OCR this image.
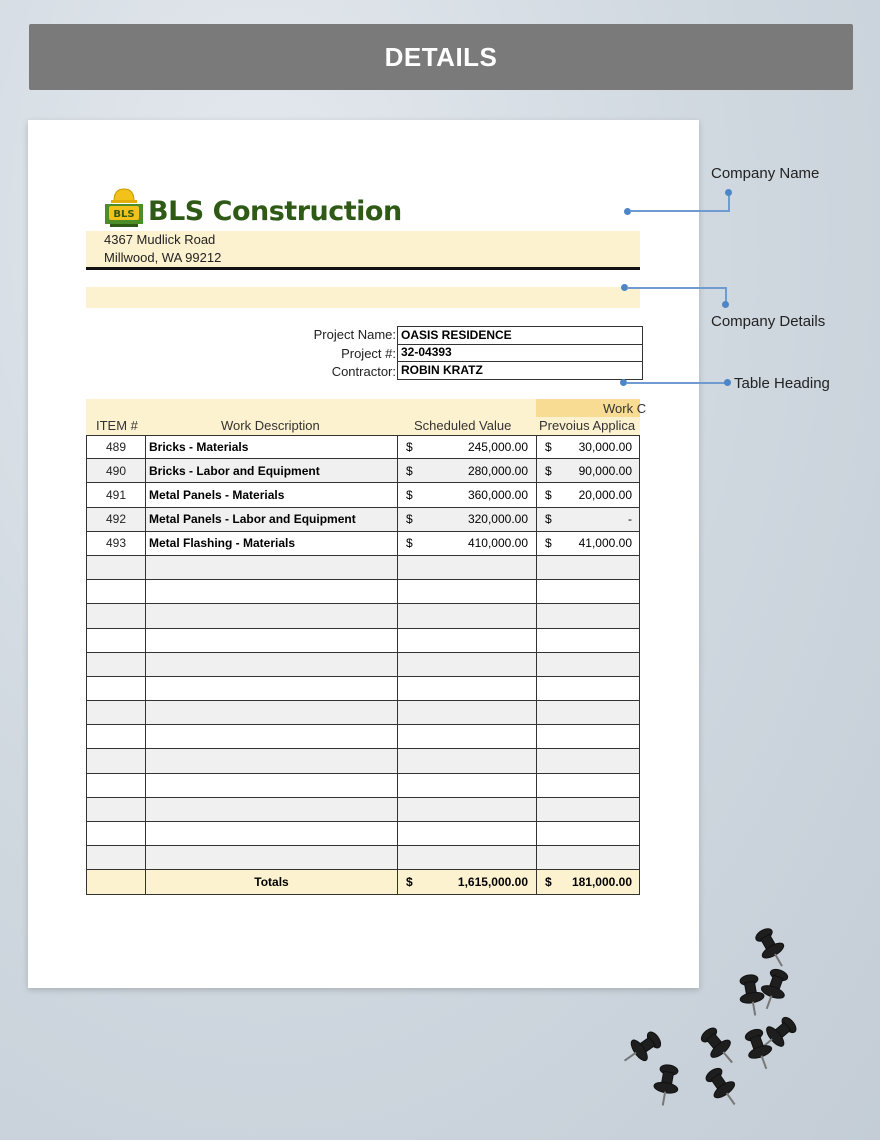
DETAILS
BLS BLS Construction
4367 Mudlick Road
Millwood, WA 99212
Project Name: OASIS RESIDENCE
Project #: 32-04393
Contractor: ROBIN KRATZ
Work C
ITEM #	Work Description	Scheduled Value Prevoius Applica
489 Bricks - Materials	$	245,000.00 $ 30,000.00
490 Bricks - Labor and Equipment	$	280,000.00 $ 90,000.00
491 Metal Panels - Materials	$	360,000.00 $ 20,000.00
492 Metal Panels - Labor and Equipment	$	320,000.00 $	-
493 Metal Flashing - Materials	$	410,000.00 $ 41,000.00
Totals	$	1,615,000.00 $ 181,000.00
Company Name
Company Details
Table Heading
